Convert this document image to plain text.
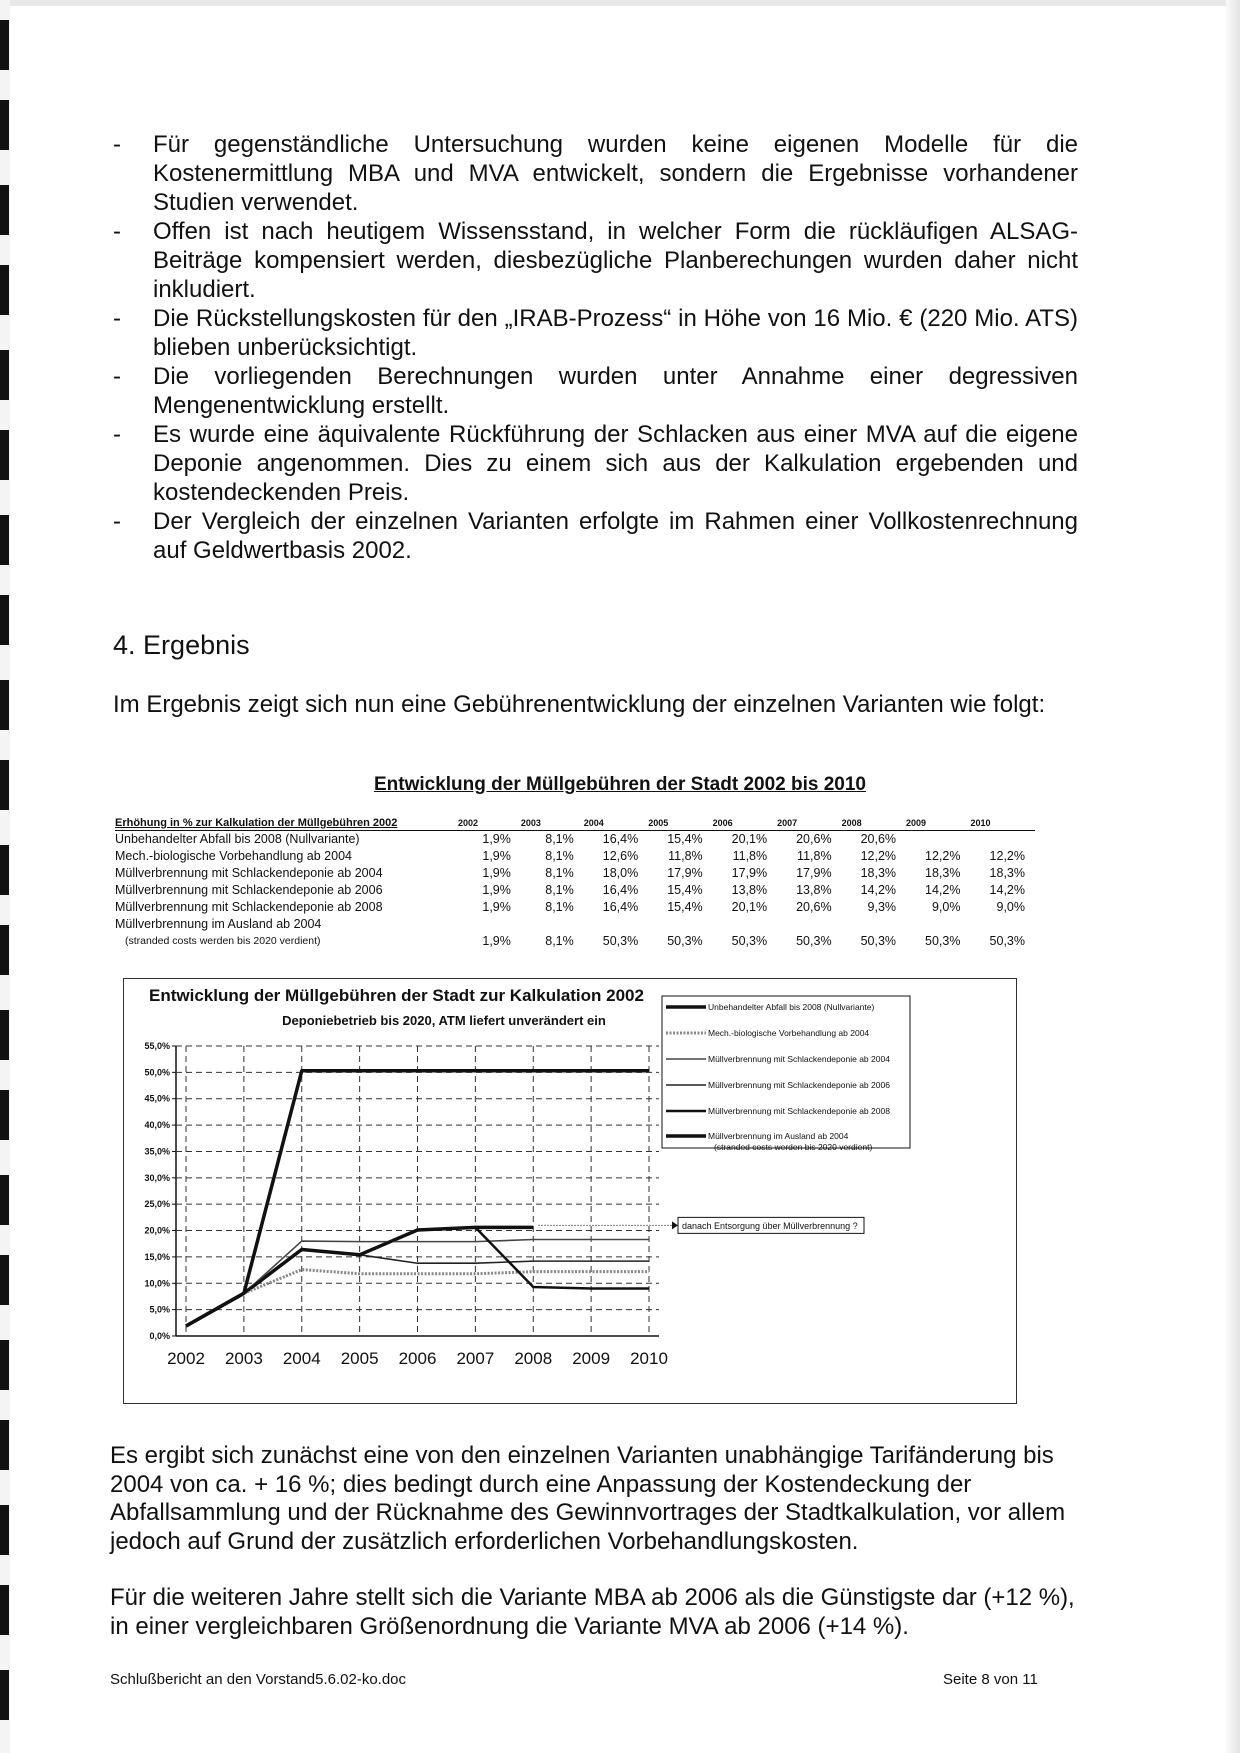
- Für gegenständliche Untersuchung wurden keine eigenen Modelle für die Kostenermittlung MBA und MVA entwickelt, sondern die Ergebnisse vorhandener Studien verwendet.
- Offen ist nach heutigem Wissensstand, in welcher Form die rückläufigen ALSAG-Beiträge kompensiert werden, diesbezügliche Planberechungen wurden daher nicht inkludiert.
- Die Rückstellungskosten für den „IRAB-Prozess“ in Höhe von 16 Mio. € (220 Mio. ATS) blieben unberücksichtigt.
- Die vorliegenden Berechnungen wurden unter Annahme einer degressiven Mengenentwicklung erstellt.
- Es wurde eine äquivalente Rückführung der Schlacken aus einer MVA auf die eigene Deponie angenommen. Dies zu einem sich aus der Kalkulation ergebenden und kostendeckenden Preis.
- Der Vergleich der einzelnen Varianten erfolgte im Rahmen einer Vollkostenrechnung auf Geldwertbasis 2002.
4. Ergebnis
Im Ergebnis zeigt sich nun eine Gebührenentwicklung der einzelnen Varianten wie folgt:
Entwicklung der Müllgebühren der Stadt 2002 bis 2010
Erhöhung in % zur Kalkulation der Müllgebühren 2002	2002	2003	2004	2005	2006	2007	2008	2009	2010
Unbehandelter Abfall bis 2008 (Nullvariante)	1,9%	8,1%	16,4%	15,4%	20,1%	20,6%	20,6%		
Mech.-biologische Vorbehandlung ab 2004	1,9%	8,1%	12,6%	11,8%	11,8%	11,8%	12,2%	12,2%	12,2%
Müllverbrennung mit Schlackendeponie ab 2004	1,9%	8,1%	18,0%	17,9%	17,9%	17,9%	18,3%	18,3%	18,3%
Müllverbrennung mit Schlackendeponie ab 2006	1,9%	8,1%	16,4%	15,4%	13,8%	13,8%	14,2%	14,2%	14,2%
Müllverbrennung mit Schlackendeponie ab 2008	1,9%	8,1%	16,4%	15,4%	20,1%	20,6%	9,3%	9,0%	9,0%
Müllverbrennung im Ausland ab 2004									
(stranded costs werden bis 2020 verdient)	1,9%	8,1%	50,3%	50,3%	50,3%	50,3%	50,3%	50,3%	50,3%
Entwicklung der Müllgebühren der Stadt zur Kalkulation 2002
Deponiebetrieb bis 2020, ATM liefert unverändert ein
0,0%
5,0%
10,0%
15,0%
20,0%
25,0%
30,0%
35,0%
40,0%
45,0%
50,0%
55,0%
2002 2003 2004 2005 2006 2007 2008 2009 2010
Unbehandelter Abfall bis 2008 (Nullvariante)
Mech.-biologische Vorbehandlung ab 2004
Müllverbrennung mit Schlackendeponie ab 2004
Müllverbrennung mit Schlackendeponie ab 2006
Müllverbrennung mit Schlackendeponie ab 2008
Müllverbrennung im Ausland ab 2004
(stranded costs werden bis 2020 verdient)
danach Entsorgung über Müllverbrennung ?
Es ergibt sich zunächst eine von den einzelnen Varianten unabhängige Tarifänderung bis 2004 von ca. + 16 %; dies bedingt durch eine Anpassung der Kostendeckung der Abfallsammlung und der Rücknahme des Gewinnvortrages der Stadtkalkulation, vor allem jedoch auf Grund der zusätzlich erforderlichen Vorbehandlungskosten.
Für die weiteren Jahre stellt sich die Variante MBA ab 2006 als die Günstigste dar (+12 %), in einer vergleichbaren Größenordnung die Variante MVA ab 2006 (+14 %).
Schlußbericht an den Vorstand5.6.02-ko.doc	Seite 8 von 11
